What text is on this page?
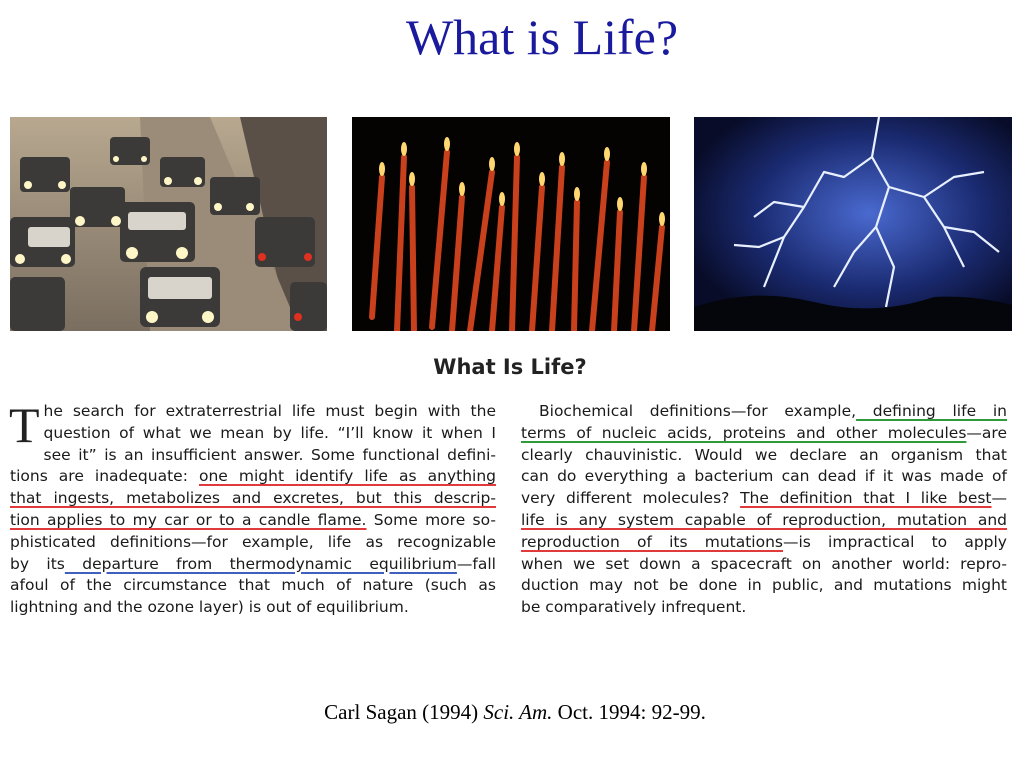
What is Life?
What Is Life?
T he search for extraterrestrial life must begin with the
question of what we mean by life. “I’ll know it when I
see it” is an insufficient answer. Some functional defini-
tions are inadequate: one might identify life as anything
that ingests, metabolizes and excretes, but this descrip-
tion applies to my car or to a candle flame. Some more so-
phisticated definitions—for example, life as recognizable
by its departure from thermodynamic equilibrium—fall
afoul of the circumstance that much of nature (such as
lightning and the ozone layer) is out of equilibrium.
Biochemical definitions—for example, defining life in
terms of nucleic acids, proteins and other molecules—are
clearly chauvinistic. Would we declare an organism that
can do everything a bacterium can dead if it was made of
very different molecules? The definition that I like best—
life is any system capable of reproduction, mutation and
reproduction of its mutations—is impractical to apply
when we set down a spacecraft on another world: repro-
duction may not be done in public, and mutations might
be comparatively infrequent.
Carl Sagan (1994) Sci. Am. Oct. 1994: 92-99.
